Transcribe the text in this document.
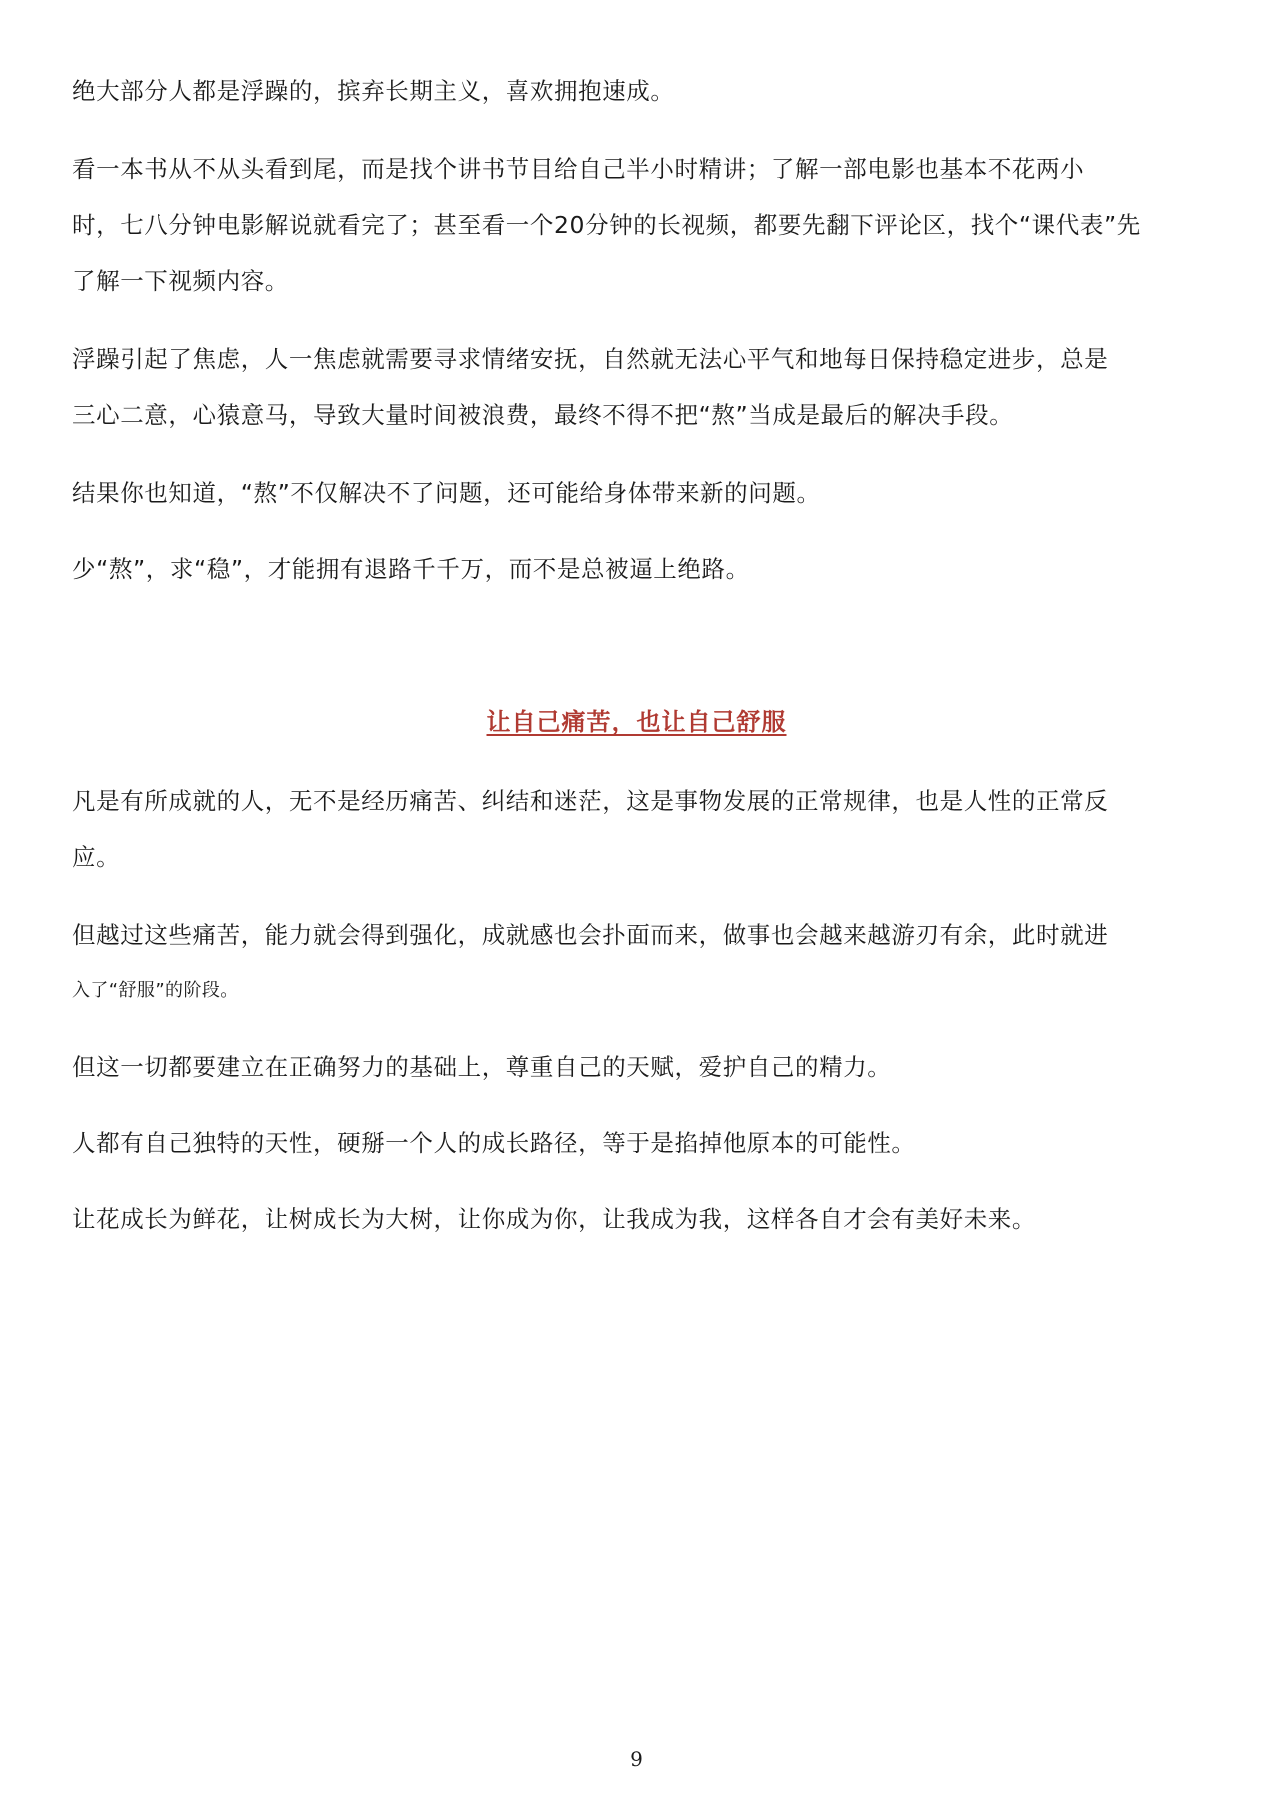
绝大部分人都是浮躁的，摈弃长期主义，喜欢拥抱速成。

看一本书从不从头看到尾，而是找个讲书节目给自己半小时精讲；了解一部电影也基本不花两小

时，七八分钟电影解说就看完了；甚至看一个20分钟的长视频，都要先翻下评论区，找个“课代表”先

了解一下视频内容。

浮躁引起了焦虑，人一焦虑就需要寻求情绪安抚，自然就无法心平气和地每日保持稳定进步，总是

三心二意，心猿意马，导致大量时间被浪费，最终不得不把“熬”当成是最后的解决手段。

结果你也知道，“熬”不仅解决不了问题，还可能给身体带来新的问题。

少“熬”，求“稳”，才能拥有退路千千万，而不是总被逼上绝路。

让自己痛苦，也让自己舒服

凡是有所成就的人，无不是经历痛苦、纠结和迷茫，这是事物发展的正常规律，也是人性的正常反

应。

但越过这些痛苦，能力就会得到强化，成就感也会扑面而来，做事也会越来越游刃有余，此时就进

入了“舒服”的阶段。

但这一切都要建立在正确努力的基础上，尊重自己的天赋，爱护自己的精力。

人都有自己独特的天性，硬掰一个人的成长路径，等于是掐掉他原本的可能性。

让花成长为鲜花，让树成长为大树，让你成为你，让我成为我，这样各自才会有美好未来。

9
